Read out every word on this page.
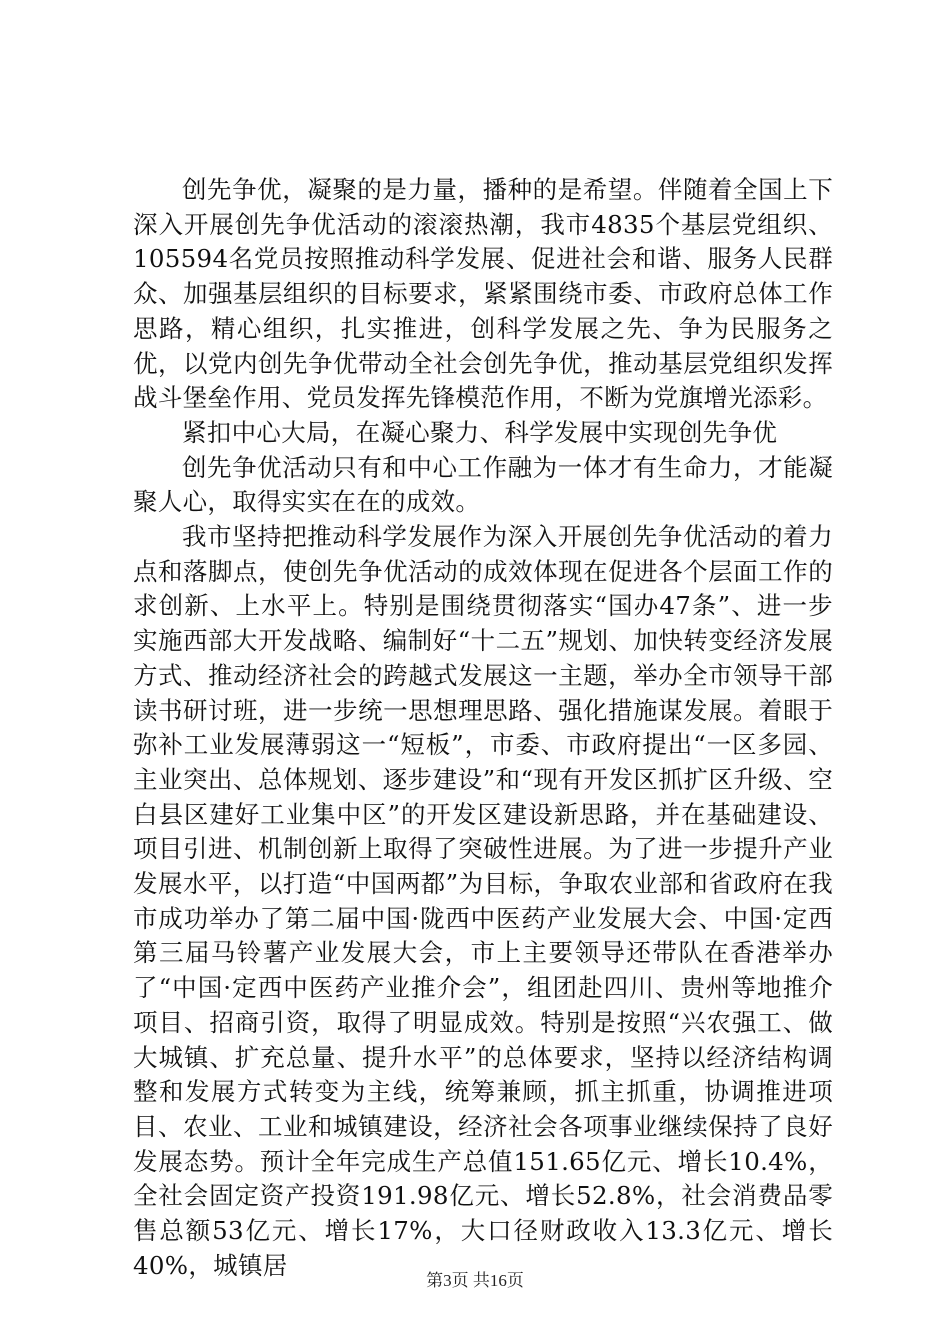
创先争优，凝聚的是力量，播种的是希望。伴随着全国上下深入开展创先争优活动的滚滚热潮，我市4835个基层党组织、105594名党员按照推动科学发展、促进社会和谐、服务人民群众、加强基层组织的目标要求，紧紧围绕市委、市政府总体工作思路，精心组织，扎实推进，创科学发展之先、争为民服务之优，以党内创先争优带动全社会创先争优，推动基层党组织发挥战斗堡垒作用、党员发挥先锋模范作用，不断为党旗增光添彩。

紧扣中心大局，在凝心聚力、科学发展中实现创先争优

创先争优活动只有和中心工作融为一体才有生命力，才能凝聚人心，取得实实在在的成效。

我市坚持把推动科学发展作为深入开展创先争优活动的着力点和落脚点，使创先争优活动的成效体现在促进各个层面工作的求创新、上水平上。特别是围绕贯彻落实“国办47条”、进一步实施西部大开发战略、编制好“十二五”规划、加快转变经济发展方式、推动经济社会的跨越式发展这一主题，举办全市领导干部读书研讨班，进一步统一思想理思路、强化措施谋发展。着眼于弥补工业发展薄弱这一“短板”，市委、市政府提出“一区多园、主业突出、总体规划、逐步建设”和“现有开发区抓扩区升级、空白县区建好工业集中区”的开发区建设新思路，并在基础建设、项目引进、机制创新上取得了突破性进展。为了进一步提升产业发展水平，以打造“中国两都”为目标，争取农业部和省政府在我市成功举办了第二届中国·陇西中医药产业发展大会、中国·定西第三届马铃薯产业发展大会，市上主要领导还带队在香港举办了“中国·定西中医药产业推介会”，组团赴四川、贵州等地推介项目、招商引资，取得了明显成效。特别是按照“兴农强工、做大城镇、扩充总量、提升水平”的总体要求，坚持以经济结构调整和发展方式转变为主线，统筹兼顾，抓主抓重，协调推进项目、农业、工业和城镇建设，经济社会各项事业继续保持了良好发展态势。预计全年完成生产总值151.65亿元、增长10.4%，全社会固定资产投资191.98亿元、增长52.8%，社会消费品零售总额53亿元、增长17%，大口径财政收入13.3亿元、增长40%，城镇居

第3页 共16页
